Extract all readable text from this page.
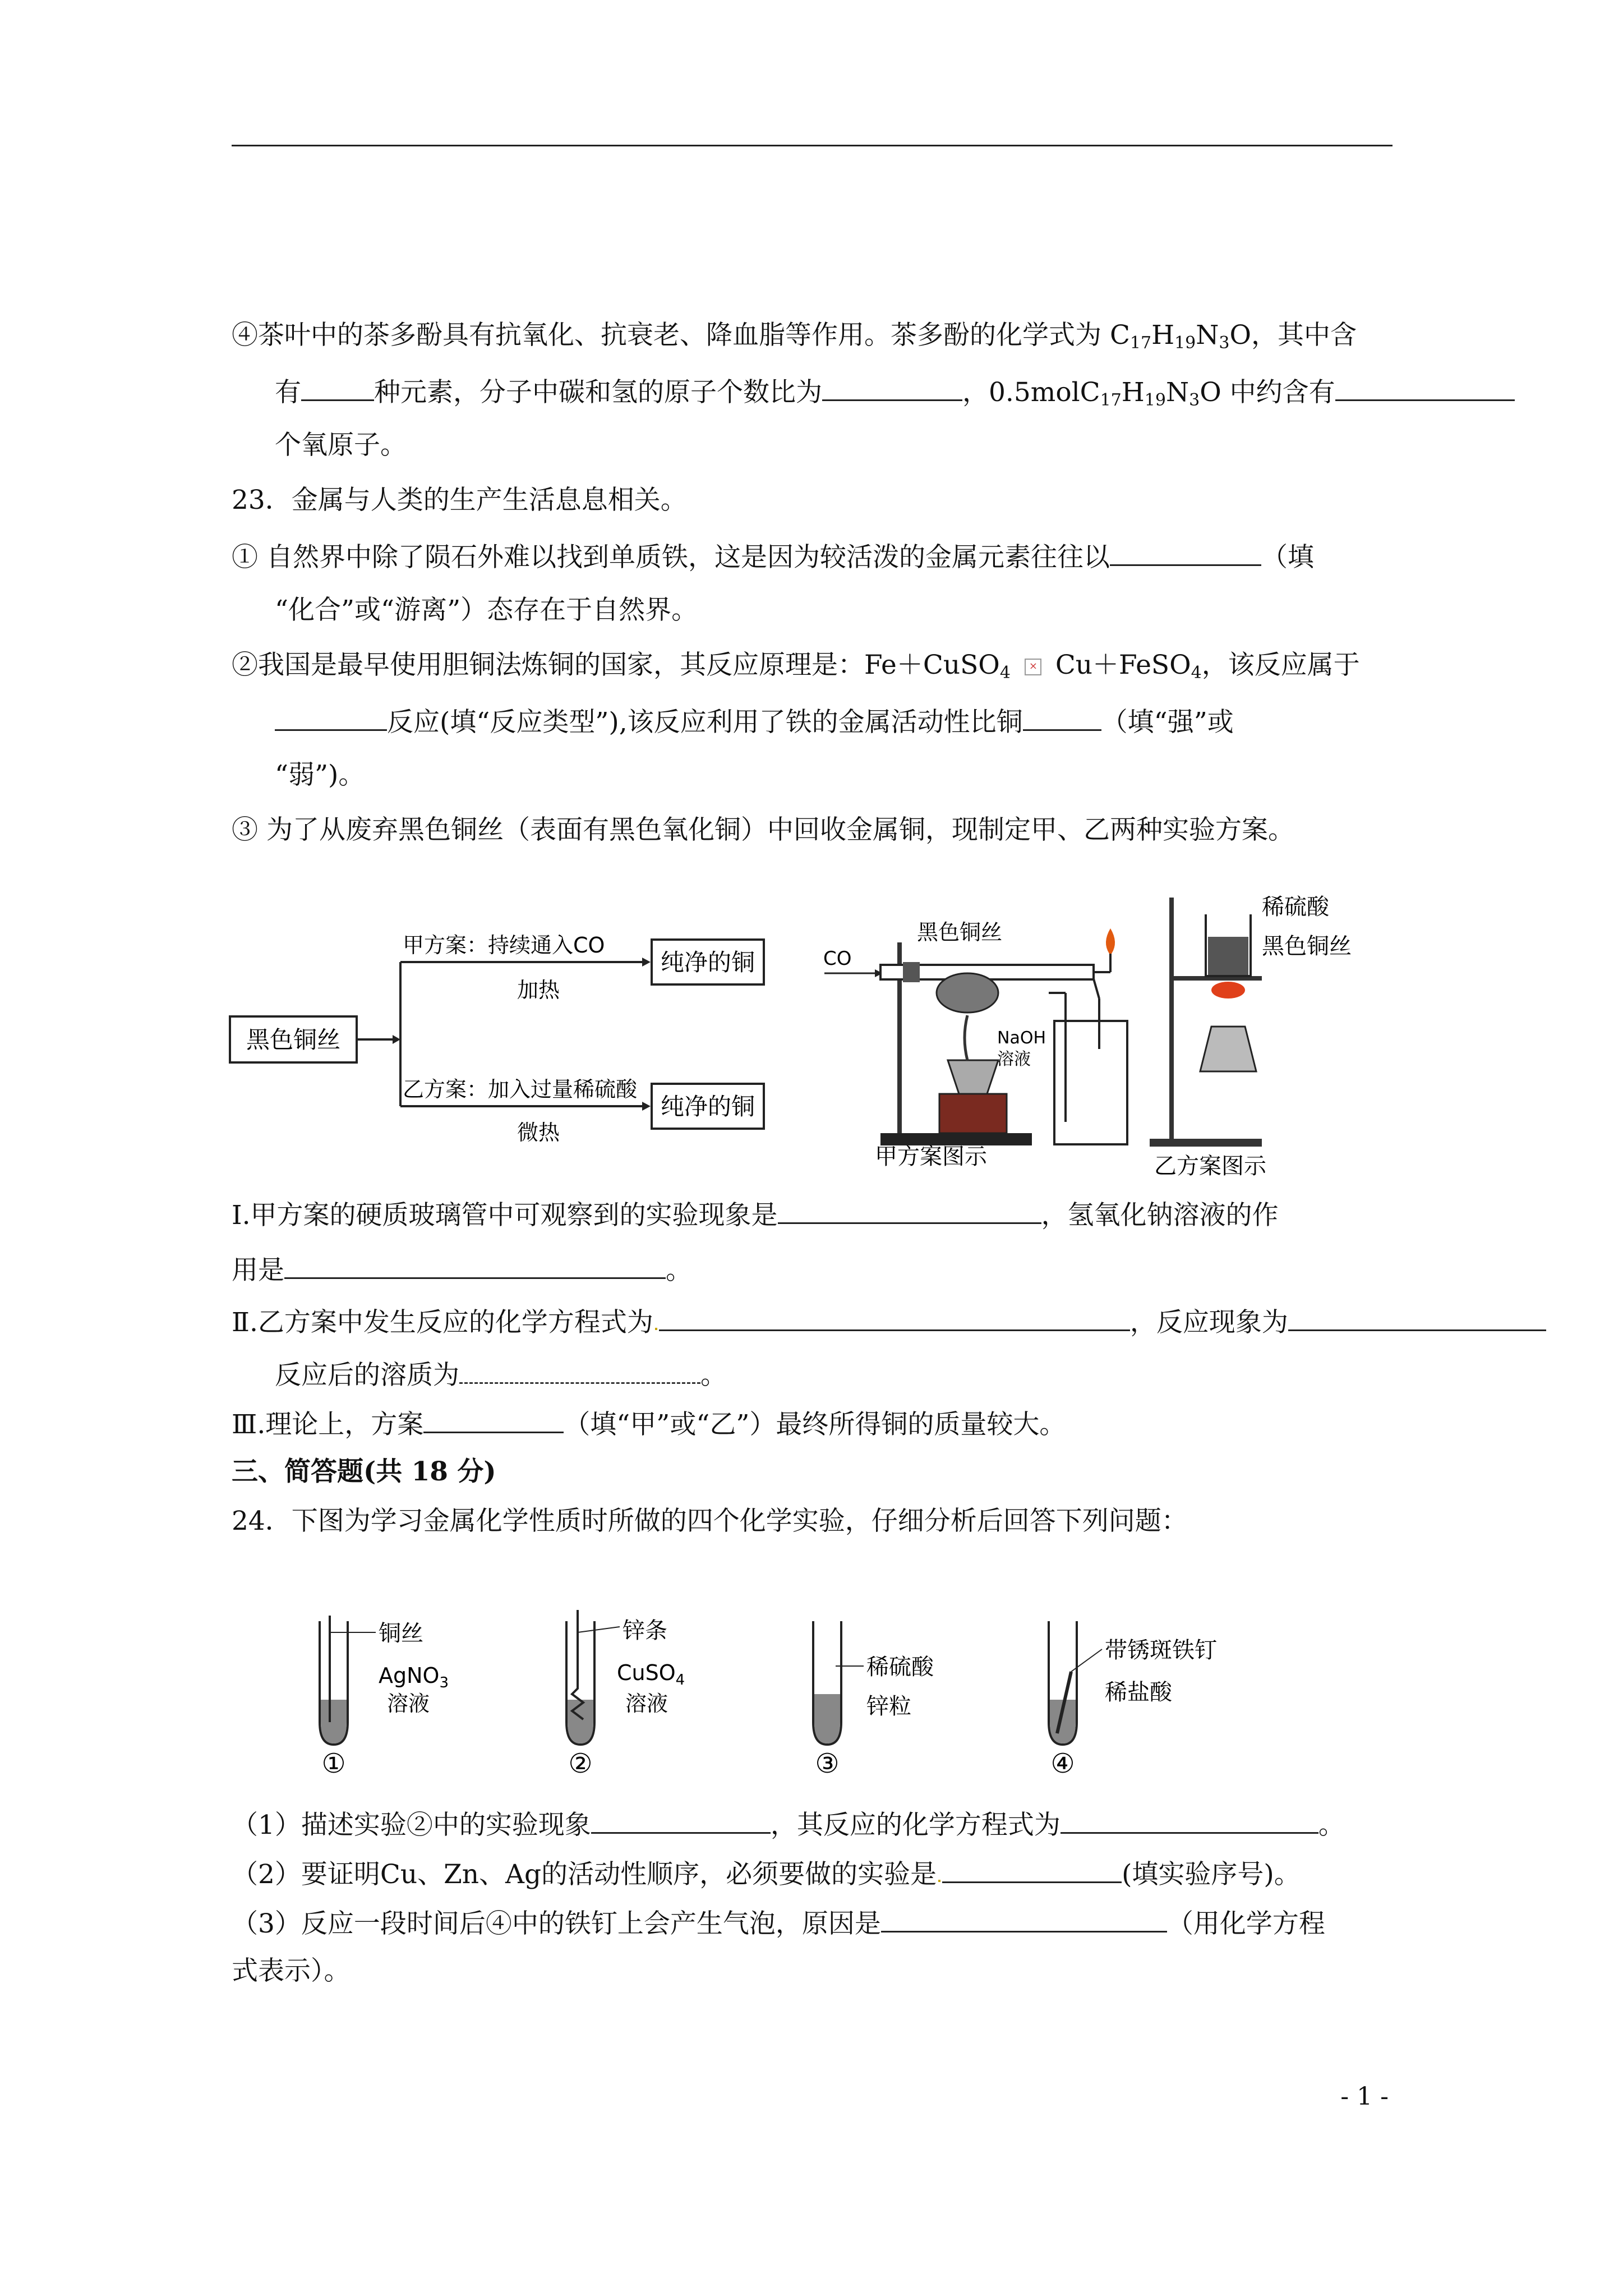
④茶叶中的茶多酚具有抗氧化、抗衰老、降血脂等作用。茶多酚的化学式为 $C_{17}H_{19}N_3O$，其中含
有	种元素，分子中碳和氢的原子个数比为	，$0.5molC_{17}H_{19}N_3O$ 中约含有
个氧原子。
23．金属与人类的生产生活息息相关。
① 自然界中除了陨石外难以找到单质铁，这是因为较活泼的金属元素往往以	（填
“化合”或“游离”）态存在于自然界。
②我国是最早使用胆铜法炼铜的国家，其反应原理是：Fe＋CuSO$_4$ × Cu＋FeSO$_4$，该反应属于
反应(填“反应类型”),该反应利用了铁的金属活动性比铜	（填“强”或
“弱”)。
③ 为了从废弃黑色铜丝（表面有黑色氧化铜）中回收金属铜，现制定甲、乙两种实验方案。
黑色铜丝
甲方案：持续通入CO
加热
乙方案：加入过量稀硫酸
微热
纯净的铜
纯净的铜
CO
黑色铜丝
NaOH
溶液
甲方案图示
稀硫酸
黑色铜丝
乙方案图示
Ⅰ.甲方案的硬质玻璃管中可观察到的实验现象是	，氢氧化钠溶液的作
用是	。
Ⅱ.乙方案中发生反应的化学方程式为	，反应现象为
反应后的溶质为	。
Ⅲ.理论上，方案	（填“甲”或“乙”）最终所得铜的质量较大。
三、简答题(共 18 分)
24．下图为学习金属化学性质时所做的四个化学实验，仔细分析后回答下列问题：
铜丝
AgNO$_3$
溶液
①
锌条
CuSO$_4$
溶液
②
稀硫酸
锌粒
③
带锈斑铁钉
稀盐酸
④
（1）描述实验②中的实验现象	，其反应的化学方程式为	。
（2）要证明Cu、Zn、Ag的活动性顺序，必须要做的实验是	(填实验序号)。
（3）反应一段时间后④中的铁钉上会产生气泡，原因是	（用化学方程
式表示）。
- 1 -
